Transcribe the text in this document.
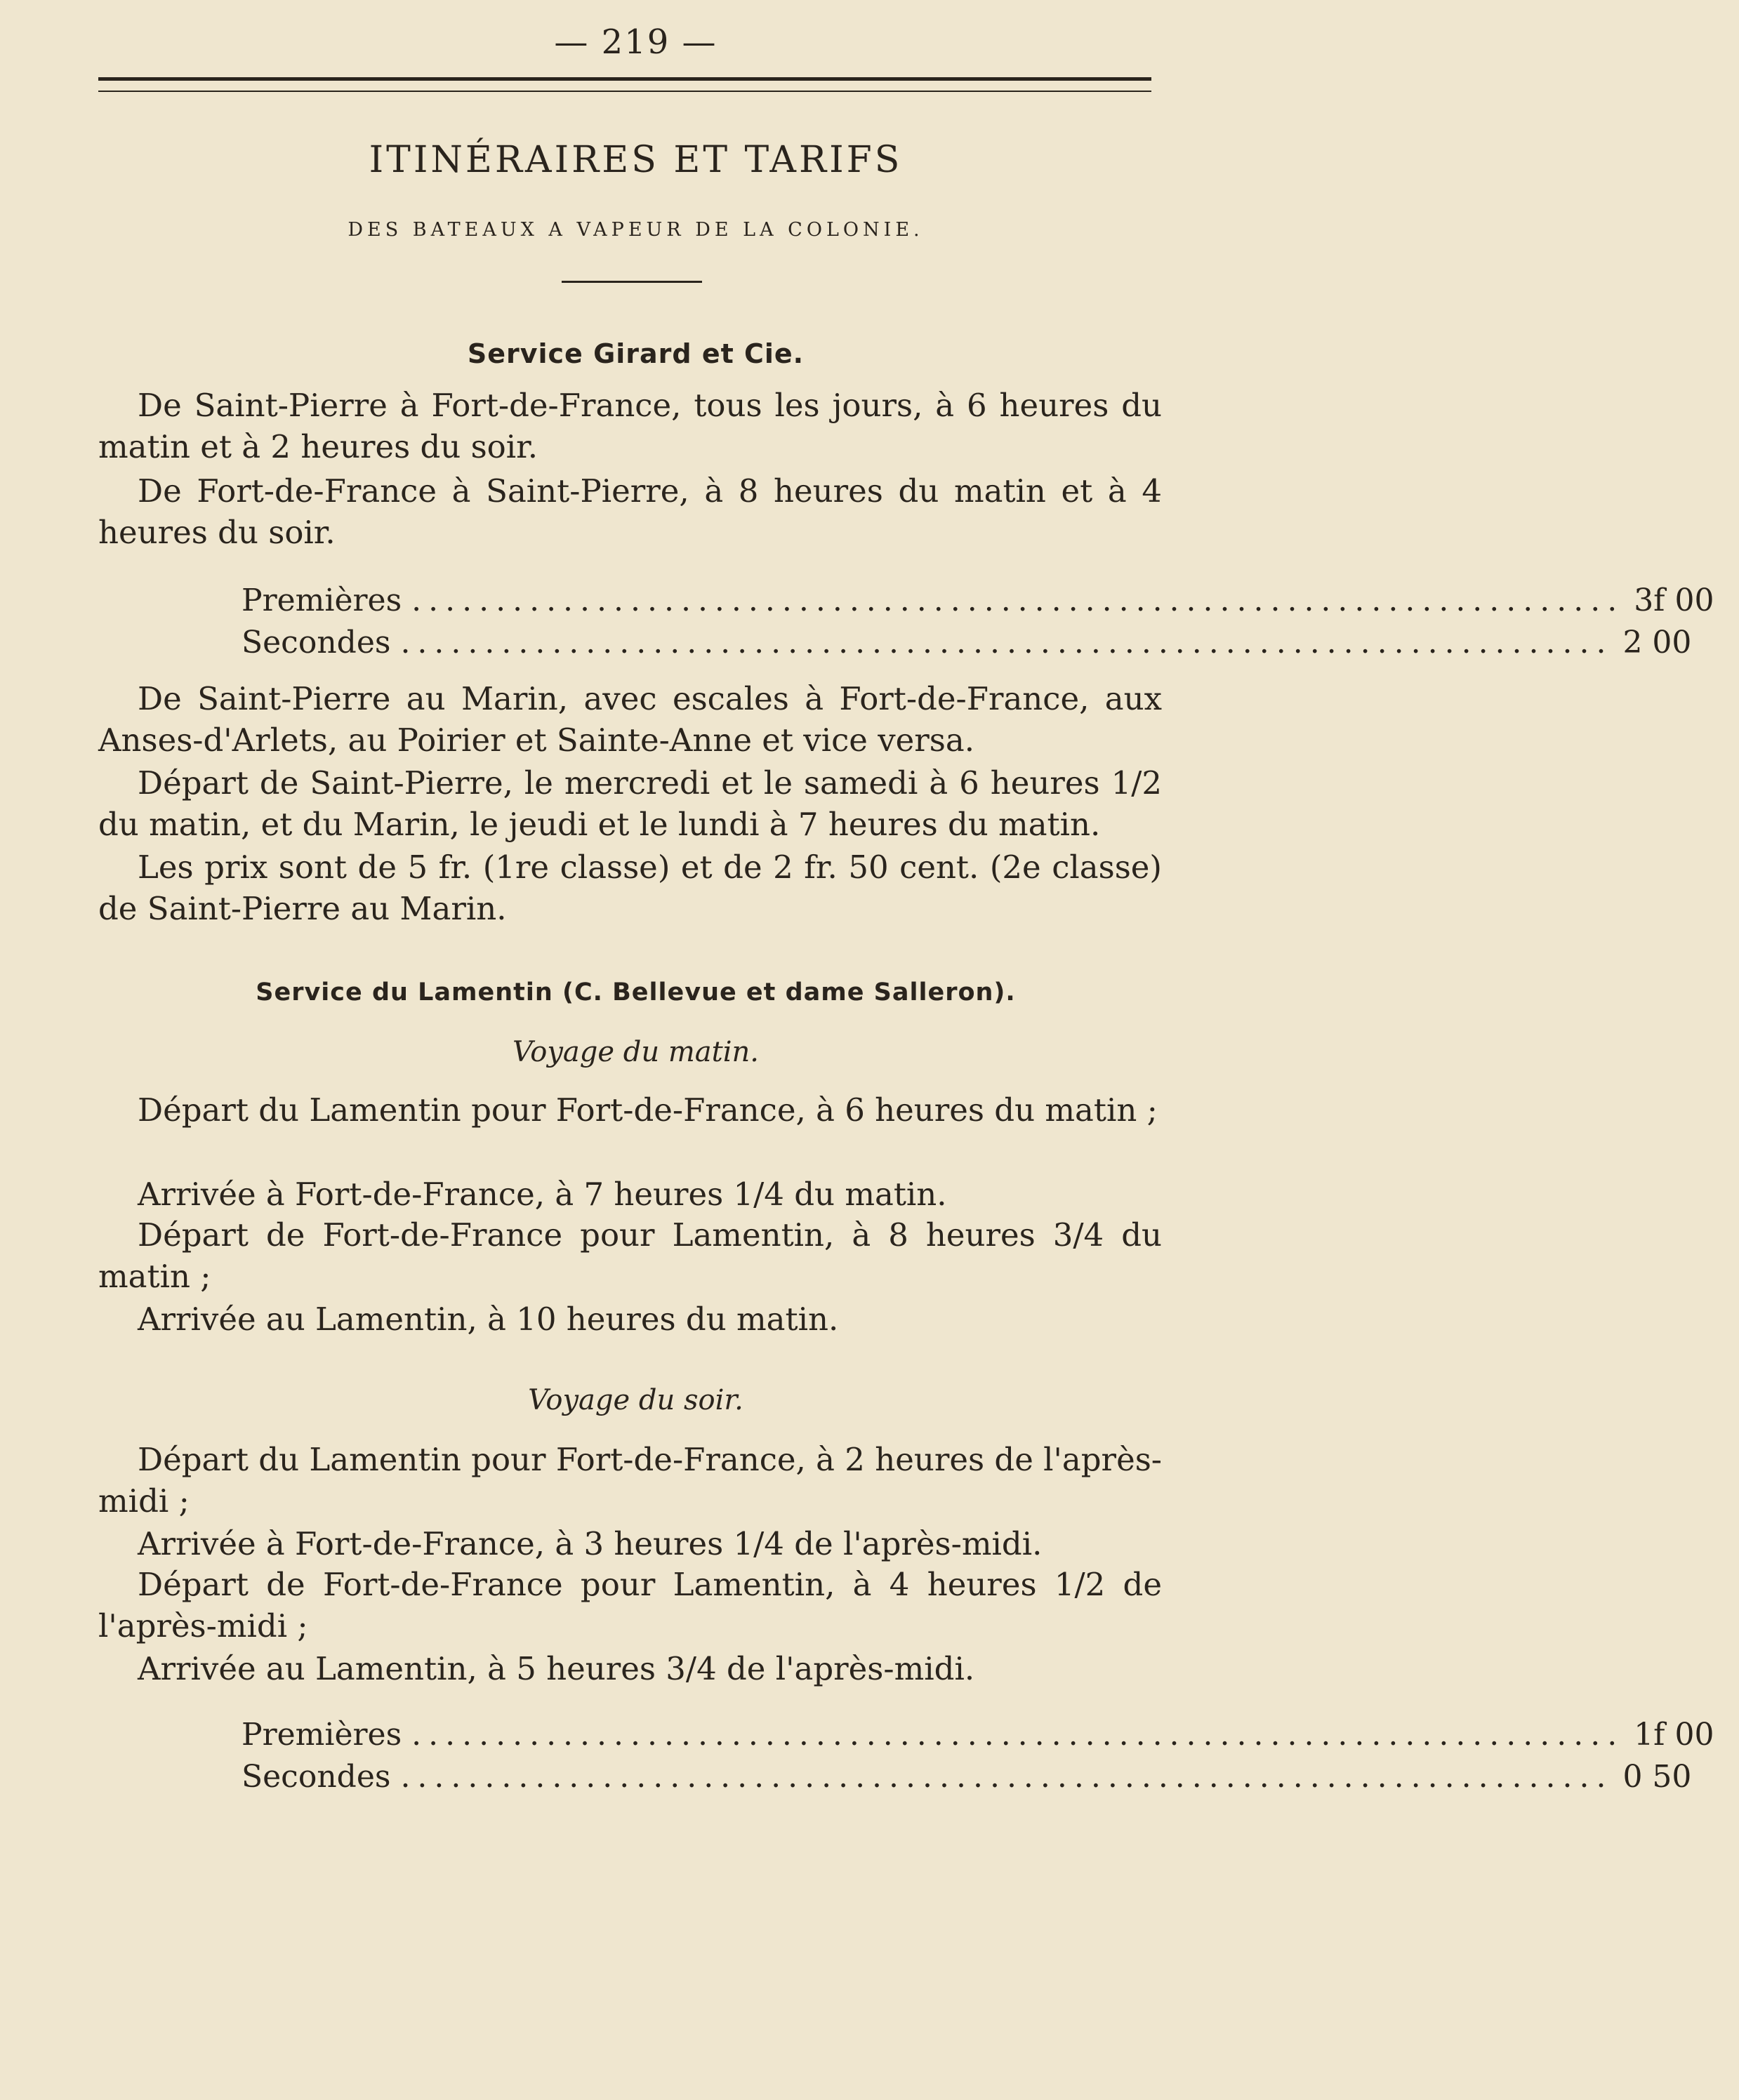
— 219 —
ITINÉRAIRES ET TARIFS
DES BATEAUX A VAPEUR DE LA COLONIE.
Service Girard et Cie.
De Saint-Pierre à Fort-de-France, tous les jours, à 6 heures du matin et à 2 heures du soir.
De Fort-de-France à Saint-Pierre, à 8 heures du matin et à 4 heures du soir.
Premières ........................................................................ 3f 00
Secondes ........................................................................ 2 00
De Saint-Pierre au Marin, avec escales à Fort-de-France, aux Anses-d'Arlets, au Poirier et Sainte-Anne et vice versa.
Départ de Saint-Pierre, le mercredi et le samedi à 6 heures 1/2 du matin, et du Marin, le jeudi et le lundi à 7 heures du matin.
Les prix sont de 5 fr. (1re classe) et de 2 fr. 50 cent. (2e classe) de Saint-Pierre au Marin.
Service du Lamentin (C. Bellevue et dame Salleron).
Voyage du matin.
Départ du Lamentin pour Fort-de-France, à 6 heures du matin ;
Arrivée à Fort-de-France, à 7 heures 1/4 du matin.
Départ de Fort-de-France pour Lamentin, à 8 heures 3/4 du matin ;
Arrivée au Lamentin, à 10 heures du matin.
Voyage du soir.
Départ du Lamentin pour Fort-de-France, à 2 heures de l'après-midi ;
Arrivée à Fort-de-France, à 3 heures 1/4 de l'après-midi.
Départ de Fort-de-France pour Lamentin, à 4 heures 1/2 de l'après-midi ;
Arrivée au Lamentin, à 5 heures 3/4 de l'après-midi.
Premières ........................................................................ 1f 00
Secondes ........................................................................ 0 50
